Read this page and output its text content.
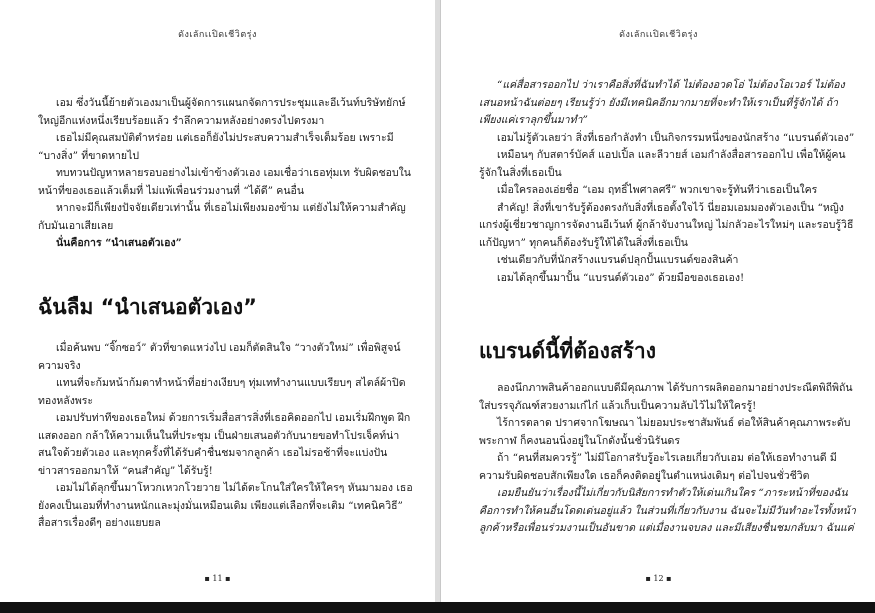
ดังเลักเเปิดเชีวิตรุ่ง

เอม ซึ่งวันนี้ย้ายตัวเองมาเป็นผู้จัดการแผนกจัดการประชุมและอีเว้นท์บริษัทยักษ์ใหญ่อีกแห่งหนึ่งเรียบร้อยแล้ว รำลึกความหลังอย่างตรงไปตรงมา

เธอไม่มีคุณสมบัติตำหร่อย แต่เธอก็ยังไม่ประสบความสำเร็จเต็มร้อย เพราะมี “บางสิ่ง” ที่ขาดหายไป

ทบทวนปัญหาหลายรอบอย่างไม่เข้าข้างตัวเอง เอมเชื่อว่าเธอทุ่มเท รับผิดชอบในหน้าที่ของเธอแล้วเต็มที่ ไม่แพ้เพื่อนร่วมงานที่ “ได้ดี” คนอื่น

หากจะมีก็เพียงปัจจัยเดียวเท่านั้น ที่เธอไม่เพียงมองข้าม แต่ยังไม่ให้ความสำคัญกับมันเอาเสียเลย

นั่นคือการ “นำเสนอตัวเอง”

ฉันลืม “นำเสนอตัวเอง”

เมื่อค้นพบ “จิ๊กซอว์” ตัวที่ขาดแหว่งไป เอมก็ตัดสินใจ “วางตัวใหม่” เพื่อพิสูจน์ความจริง

แทนที่จะก้มหน้าก้มตาทำหน้าที่อย่างเงียบๆ ทุ่มเททำงานแบบเรียบๆ สไตล์ผ้าปิดทองหลังพระ

เอมปรับท่าทีของเธอใหม่ ด้วยการเริ่มสื่อสารสิ่งที่เธอคิดออกไป เอมเริ่มฝึกพูด ฝึกแสดงออก กล้าให้ความเห็นในที่ประชุม เป็นฝ่ายเสนอตัวกับนายขอทำโปรเจ็คท์น่าสนใจด้วยตัวเอง และทุกครั้งที่ได้รับคำชื่นชมจากลูกค้า เธอไม่รอช้าที่จะแบ่งปันข่าวสารออกมาให้ “คนสำคัญ” ได้รับรู้!

เอมไม่ได้ลุกขึ้นมาโหวกเหวกโวยวาย ไม่ได้ตะโกนใส่ใครให้ใครๆ หันมามอง เธอยังคงเป็นเอมที่ทำงานหนักและมุ่งมั่นเหมือนเดิม เพียงแต่เลือกที่จะเติม “เทคนิควิธี” สื่อสารเรื่องดีๆ อย่างแยบยล

▪ 11 ▪
ดังเลักเเปิดเชีวิตรุ่ง

“แค่สื่อสารออกไป ว่าเราคือสิ่งที่ฉันทำได้ ไม่ต้องอวดโอ่ ไม่ต้องโอเวอร์ ไม่ต้องเสนอหน้าฉันต่อยๆ เรียนรู้ว่า ยังมีเทคนิคอีกมากมายที่จะทำให้เราเป็นที่รู้จักได้ ถ้าเพียงแค่เราลุกขึ้นมาทำ”

เอมไม่รู้ตัวเลยว่า สิ่งที่เธอกำลังทำ เป็นกิจกรรมหนึ่งของนักสร้าง “แบรนด์ตัวเอง”

เหมือนๆ กับสตาร์บัคส์ แอปเปิ้ล และลีวายส์ เอมกำลังสื่อสารออกไป เพื่อให้ผู้คนรู้จักในสิ่งที่เธอเป็น

เมื่อใครลองเอ่ยชื่อ “เอม ฤทธิ์ไพศาลศรี” พวกเขาจะรู้ทันทีว่าเธอเป็นใคร

สำคัญ! สิ่งที่เขารับรู้ต้องตรงกับสิ่งที่เธอตั้งใจไว้ นี่ยอมเอมมองตัวเองเป็น “หญิงแกร่งผู้เชี่ยวชาญการจัดงานอีเว้นท์ ผู้กล้าจับงานใหญ่ ไม่กลัวอะไรใหม่ๆ และรอบรู้วิธีแก้ปัญหา” ทุกคนก็ต้องรับรู้ให้ได้ในสิ่งที่เธอเป็น

เช่นเดียวกับที่นักสร้างแบรนด์ปลุกปั้นแบรนด์ของสินค้า

เอมได้ลุกขึ้นมาปั้น “แบรนด์ตัวเอง” ด้วยมือของเธอเอง!

แบรนด์นี้ที่ต้องสร้าง

ลองนึกภาพสินค้าออกแบบดีมีคุณภาพ ได้รับการผลิตออกมาอย่างประณีตพิถีพิถัน ใส่บรรจุภัณฑ์สวยงามเก๋ไก๋ แล้วเก็บเป็นความลับไว้ไม่ให้ใครรู้!

ไร้การตลาด ปราศจากโฆษณา ไม่ยอมประชาสัมพันธ์ ต่อให้สินค้าคุณภาพระดับพระกาฬ ก็คงนอนนิ่งอยู่ในโกดังนั้นชั่วนิรันดร

ถ้า “คนที่สมควรรู้” ไม่มีโอกาสรับรู้อะไรเลยเกี่ยวกับเอม ต่อให้เธอทำงานดี มีความรับผิดชอบสักเพียงใด เธอก็คงติดอยู่ในตำแหน่งเดิมๆ ต่อไปจนชั่วชีวิต

เอมยืนยันว่าเรื่องนี้ไม่เกี่ยวกับนิสัยการทำตัวให้เด่นเกินใคร “ภาระหน้าที่ของฉันคือการทำให้คนอื่นโดดเด่นอยู่แล้ว ในส่วนที่เกี่ยวกับงาน ฉันจะไม่มีวันทำอะไรทั้งหน้าลูกค้าหรือเพื่อนร่วมงานเป็นอันขาด แต่เมื่องานจบลง และมีเสียงชื่นชมกลับมา ฉันแค่

▪ 12 ▪
